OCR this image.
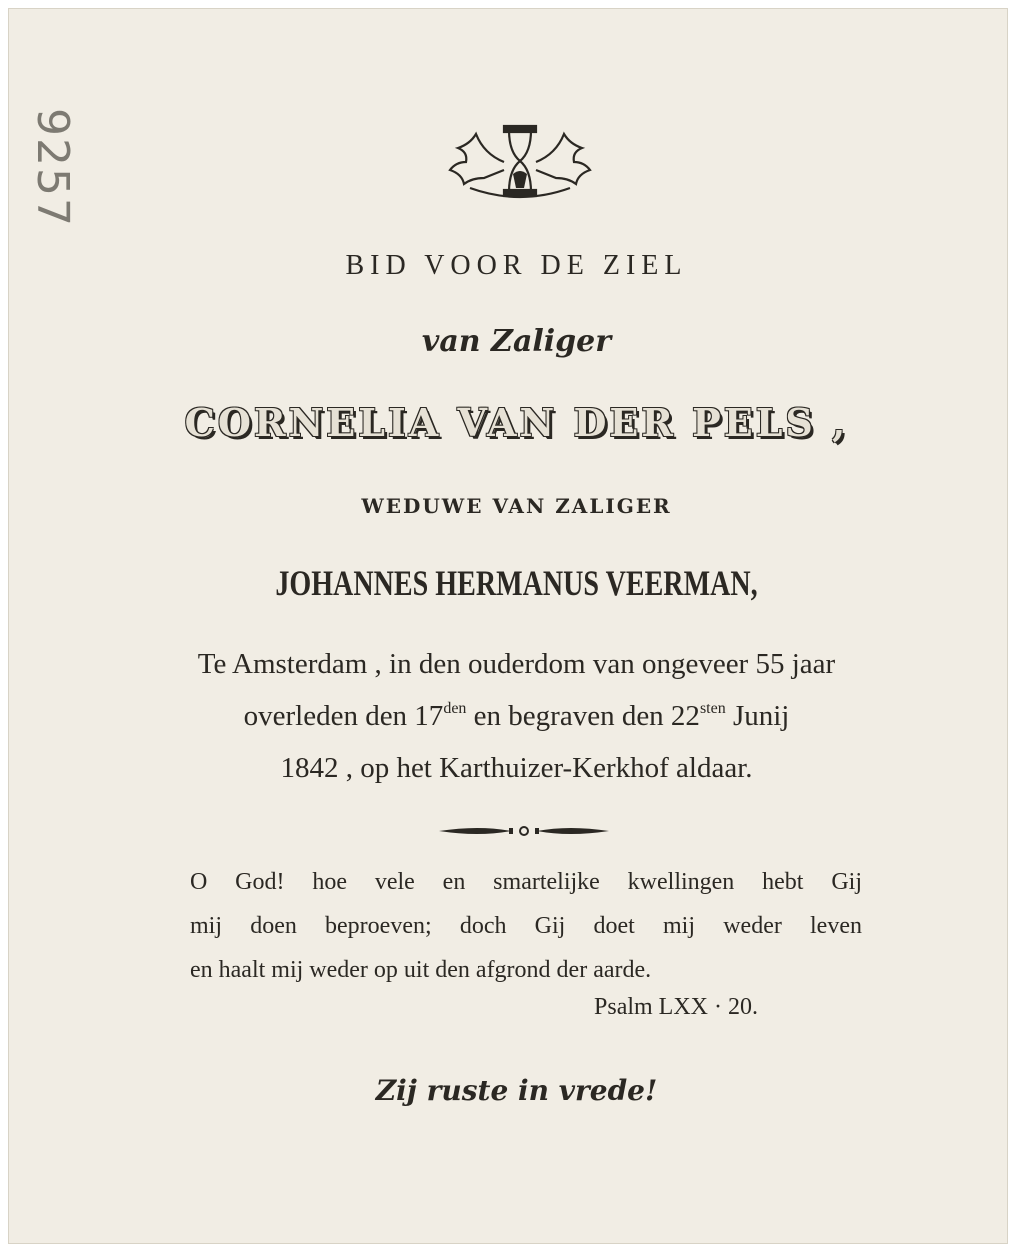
9257
BID VOOR DE ZIEL
van Zaliger
CORNELIA VAN DER PELS ,
WEDUWE VAN ZALIGER
JOHANNES HERMANUS VEERMAN,
Te Amsterdam , in den ouderdom van ongeveer 55 jaar
overleden den $17^{den}$ en begraven den $22^{sten}$ Junij
1842 , op het Karthuizer-Kerkhof aldaar.
O God! hoe vele en smartelijke kwellingen hebt Gij
mij doen beproeven; doch Gij doet mij weder leven
en haalt mij weder op uit den afgrond der aarde.
Psalm LXX · 20.
Zij ruste in vrede!
